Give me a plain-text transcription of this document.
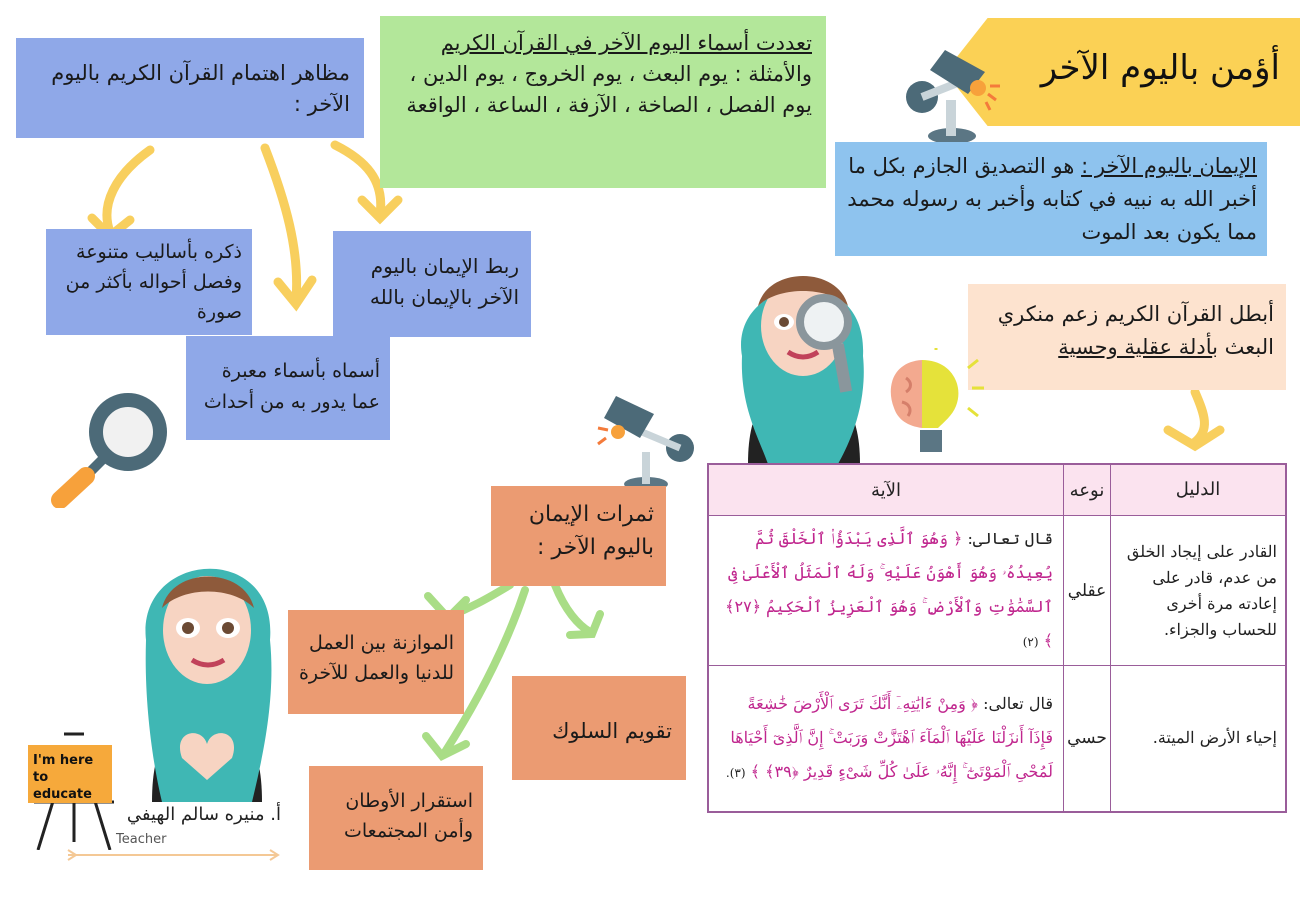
أؤمن باليوم الآخر
الإيمان باليوم الآخر : هو التصديق الجازم بكل ما أخبر الله به نبيه في كتابه وأخبر به رسوله محمد مما يكون بعد الموت
تعددت أسماء اليوم الآخر في القرآن الكريم
والأمثلة : يوم البعث ، يوم الخروج ، يوم الدين ، يوم الفصل ، الصاخة ، الآزفة ، الساعة ، الواقعة
مظاهر اهتمام القرآن الكريم باليوم الآخر :
ربط الإيمان باليوم الآخر بالإيمان بالله
ذكره بأساليب متنوعة وفصل أحواله بأكثر من صورة
أسماه بأسماء معبرة عما يدور به من أحداث
أبطل القرآن الكريم زعم منكري البعث بأدلة عقلية وحسية
الدليل	نوعه	الآية
القادر على إيجاد الخلق من عدم، قادر على إعادته مرة أخرى للحساب والجزاء.	عقلي	قال تعالى: ﴿ وَهُوَ ٱلَّذِى يَبْدَؤُا۟ ٱلْخَلْقَ ثُمَّ يُعِيدُهُۥ وَهُوَ أَهْوَنُ عَلَيْهِ ۚ وَلَهُ ٱلْمَثَلُ ٱلْأَعْلَىٰ فِى ٱلسَّمَٰوَٰتِ وَٱلْأَرْضِ ۚ وَهُوَ ٱلْعَزِيزُ ٱلْحَكِيمُ ﴿٢٧﴾ ﴾ (٢)
إحياء الأرض الميتة.	حسي	قال تعالى: ﴿ وَمِنْ ءَايَٰتِهِۦٓ أَنَّكَ تَرَى ٱلْأَرْضَ خَٰشِعَةً فَإِذَآ أَنزَلْنَا عَلَيْهَا ٱلْمَآءَ ٱهْتَزَّتْ وَرَبَتْ ۚ إِنَّ ٱلَّذِىٓ أَحْيَاهَا لَمُحْىِ ٱلْمَوْتَىٰٓ ۚ إِنَّهُۥ عَلَىٰ كُلِّ شَىْءٍ قَدِيرٌ ﴿٣٩﴾ ﴾ (٣).
ثمرات الإيمان باليوم الآخر :
الموازنة بين العمل للدنيا والعمل للآخرة
تقويم السلوك
استقرار الأوطان وأمن المجتمعات
I'm here to educate
أ. منيره سالم الهيفي
Teacher
